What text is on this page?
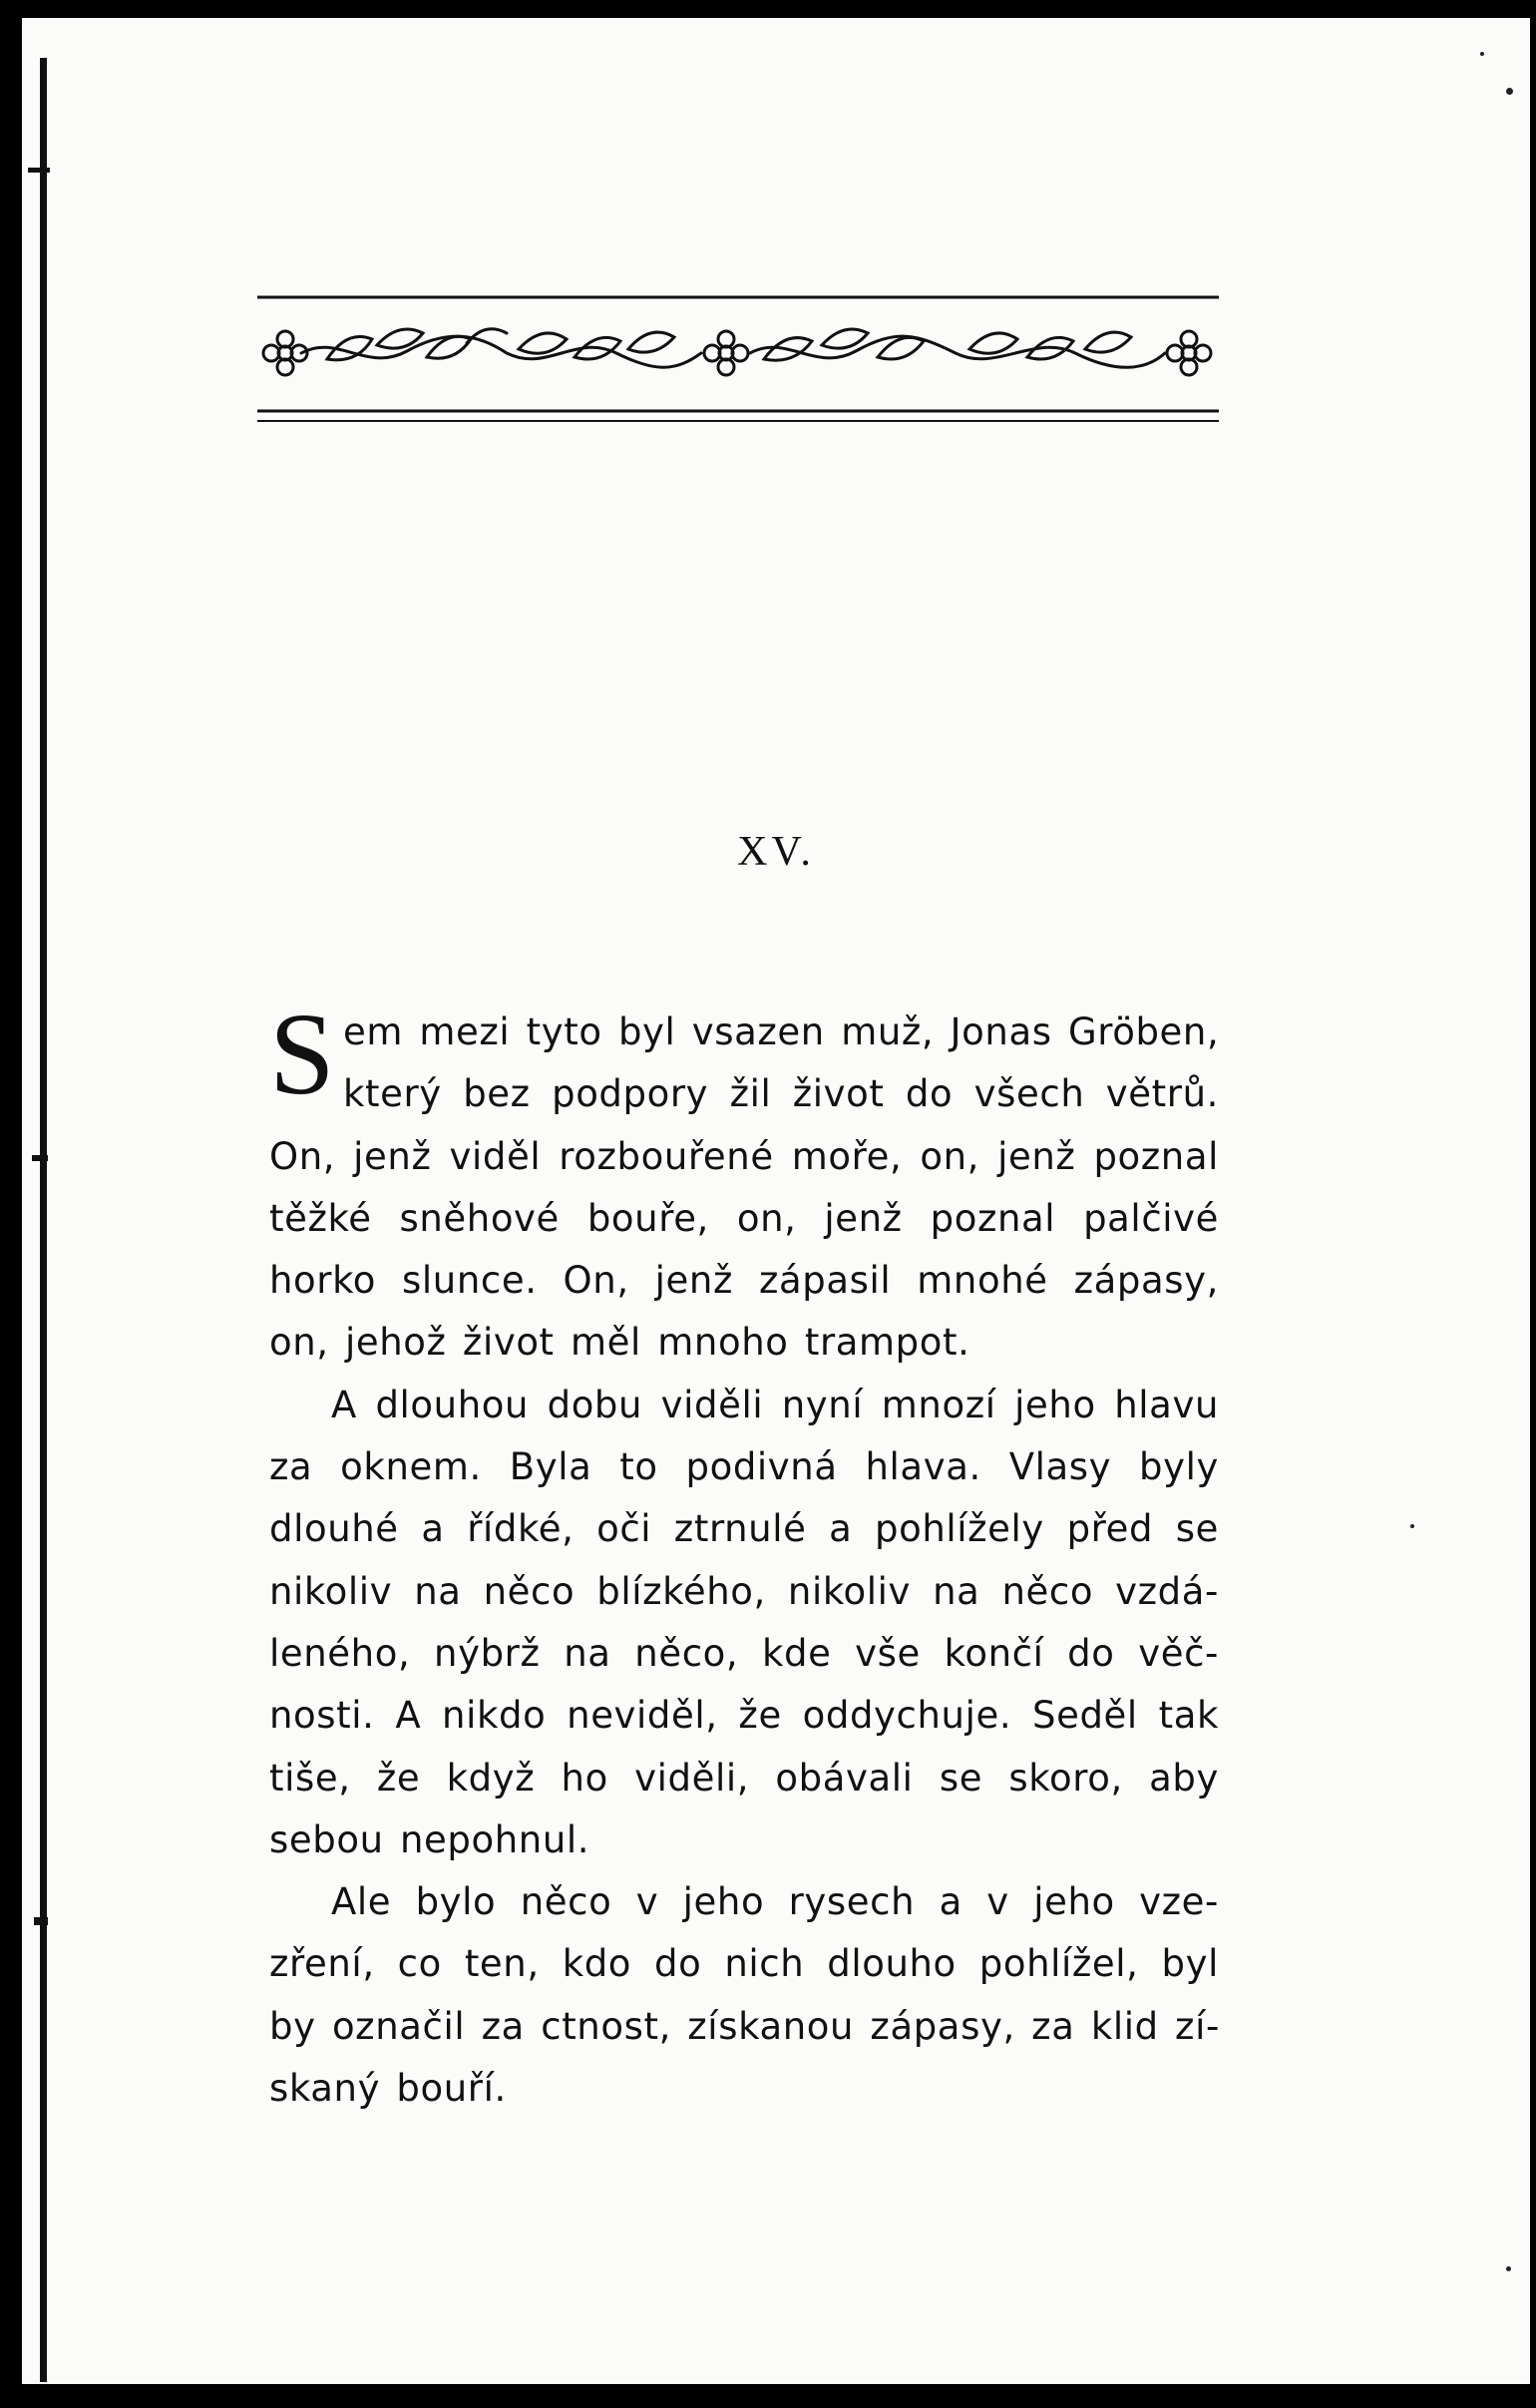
XV.
S em mezi tyto byl vsazen muž, Jonas Gröben,
který bez podpory žil život do všech větrů.
On, jenž viděl rozbouřené moře, on, jenž poznal
těžké sněhové bouře, on, jenž poznal palčivé
horko slunce. On, jenž zápasil mnohé zápasy,
on, jehož život měl mnoho trampot.
A dlouhou dobu viděli nyní mnozí jeho hlavu
za oknem. Byla to podivná hlava. Vlasy byly
dlouhé a řídké, oči ztrnulé a pohlížely před se
nikoliv na něco blízkého, nikoliv na něco vzdá-
leného, nýbrž na něco, kde vše končí do věč-
nosti. A nikdo neviděl, že oddychuje. Seděl tak
tiše, že když ho viděli, obávali se skoro, aby
sebou nepohnul.
Ale bylo něco v jeho rysech a v jeho vze-
zření, co ten, kdo do nich dlouho pohlížel, byl
by označil za ctnost, získanou zápasy, za klid zí-
skaný bouří.
